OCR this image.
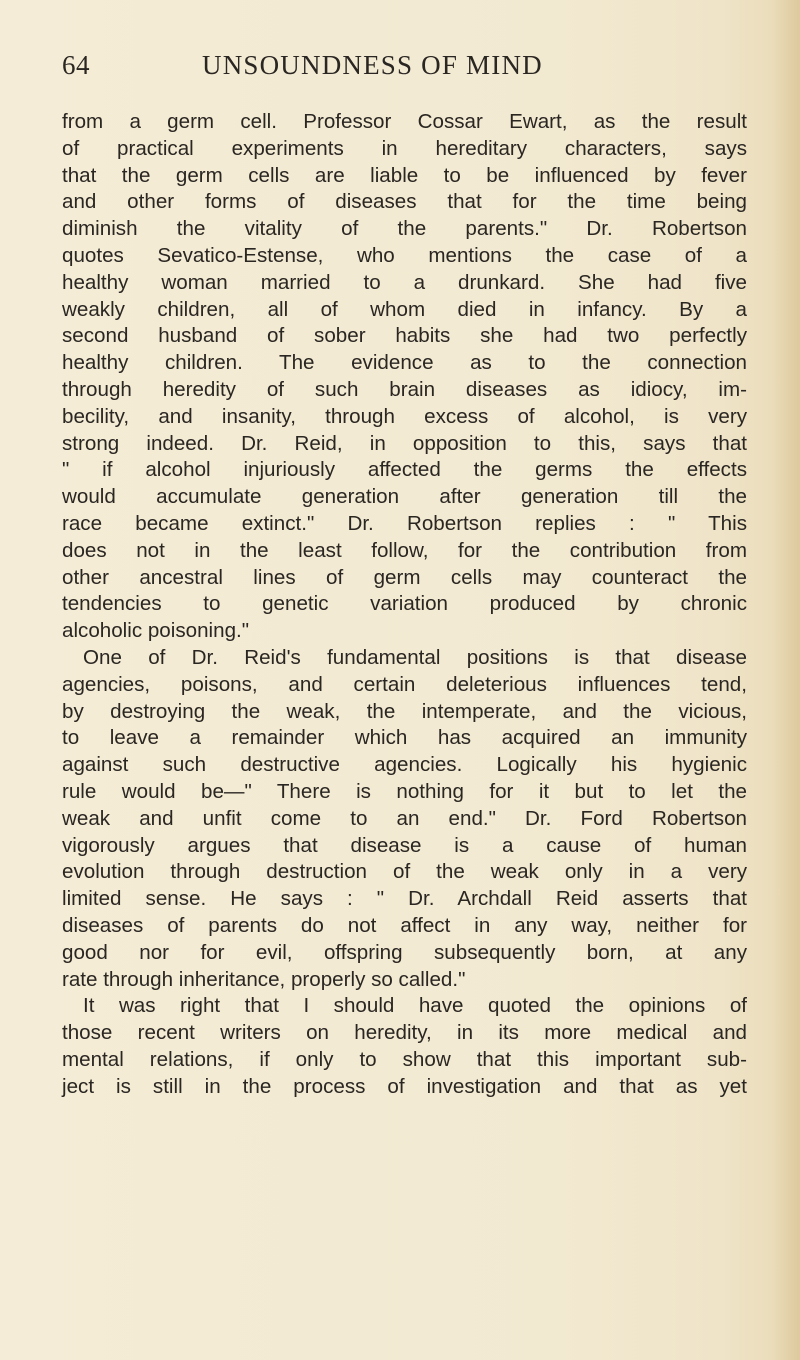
64	UNSOUNDNESS OF MIND
from a germ cell. Professor Cossar Ewart, as the result
of practical experiments in hereditary characters, says
that the germ cells are liable to be influenced by fever
and other forms of diseases that for the time being
diminish the vitality of the parents." Dr. Robertson
quotes Sevatico-Estense, who mentions the case of a
healthy woman married to a drunkard. She had five
weakly children, all of whom died in infancy. By a
second husband of sober habits she had two perfectly
healthy children. The evidence as to the connection
through heredity of such brain diseases as idiocy, im-
becility, and insanity, through excess of alcohol, is very
strong indeed. Dr. Reid, in opposition to this, says that
" if alcohol injuriously affected the germs the effects
would accumulate generation after generation till the
race became extinct." Dr. Robertson replies : " This
does not in the least follow, for the contribution from
other ancestral lines of germ cells may counteract the
tendencies to genetic variation produced by chronic
alcoholic poisoning."
One of Dr. Reid's fundamental positions is that disease
agencies, poisons, and certain deleterious influences tend,
by destroying the weak, the intemperate, and the vicious,
to leave a remainder which has acquired an immunity
against such destructive agencies. Logically his hygienic
rule would be—" There is nothing for it but to let the
weak and unfit come to an end." Dr. Ford Robertson
vigorously argues that disease is a cause of human
evolution through destruction of the weak only in a very
limited sense. He says : " Dr. Archdall Reid asserts that
diseases of parents do not affect in any way, neither for
good nor for evil, offspring subsequently born, at any
rate through inheritance, properly so called."
It was right that I should have quoted the opinions of
those recent writers on heredity, in its more medical and
mental relations, if only to show that this important sub-
ject is still in the process of investigation and that as yet
